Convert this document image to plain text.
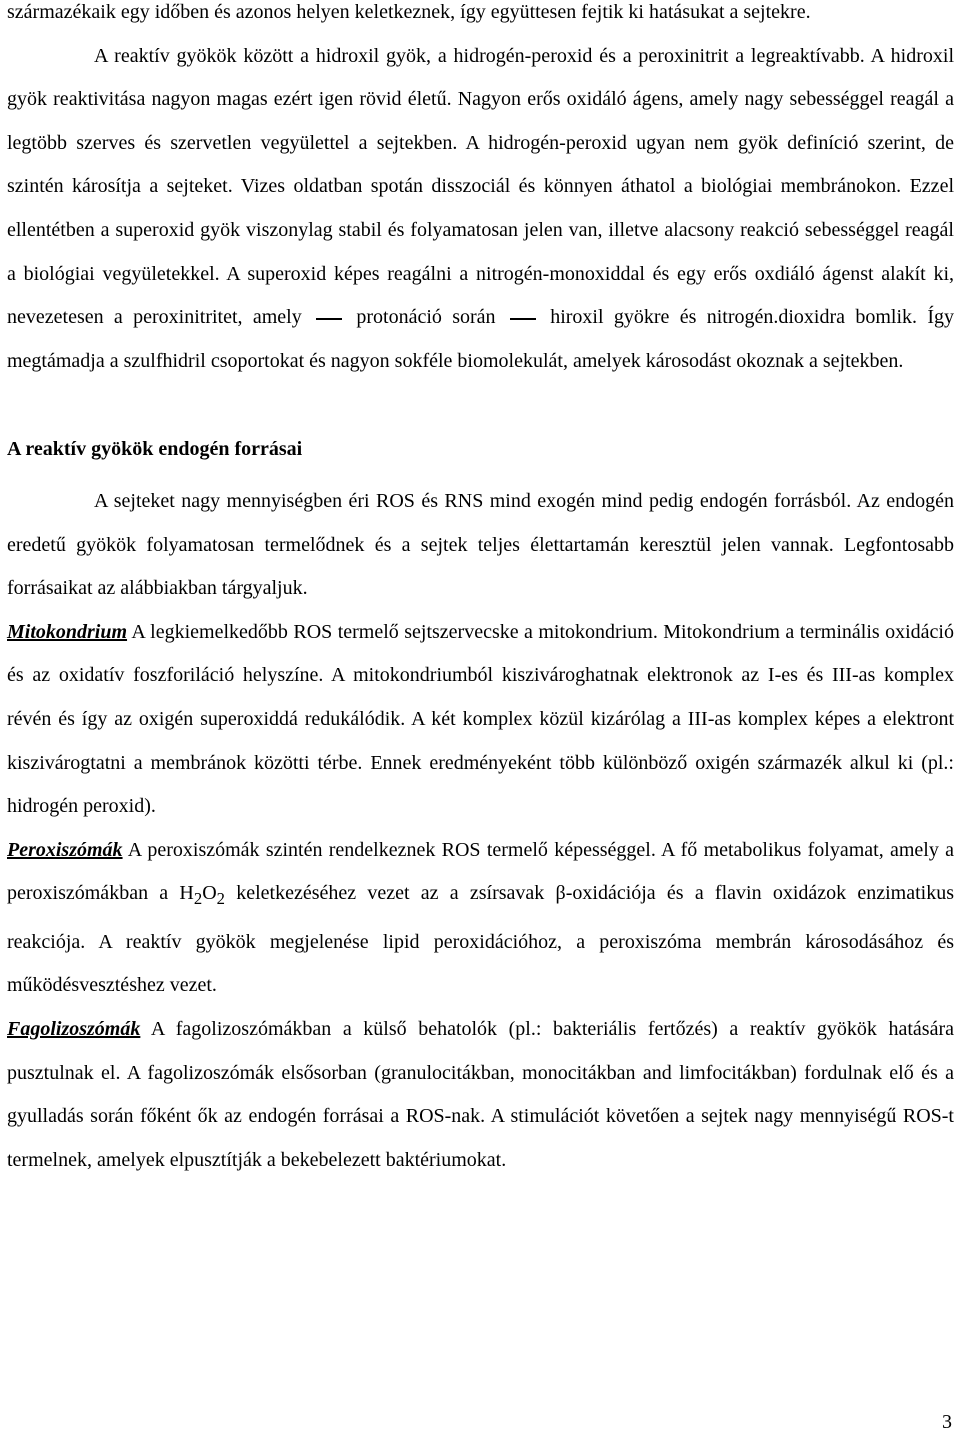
származékaik egy időben és azonos helyen keletkeznek, így együttesen fejtik ki hatásukat a sejtekre.

A reaktív gyökök között a hidroxil gyök, a hidrogén-peroxid és a peroxinitrit a legreaktívabb. A hidroxil gyök reaktivitása nagyon magas ezért igen rövid életű. Nagyon erős oxidáló ágens, amely nagy sebességgel reagál a legtöbb szerves és szervetlen vegyülettel a sejtekben. A hidrogén-peroxid ugyan nem gyök definíció szerint, de szintén károsítja a sejteket. Vizes oldatban spotán disszociál és könnyen áthatol a biológiai membránokon. Ezzel ellentétben a superoxid gyök viszonylag stabil és folyamatosan jelen van, illetve alacsony reakció sebességgel reagál a biológiai vegyületekkel. A superoxid képes reagálni a nitrogén-monoxiddal és egy erős oxdiáló ágenst alakít ki, nevezetesen a peroxinitritet, amely	protonáció során	hiroxil gyökre és nitrogén.dioxidra bomlik. Így megtámadja a szulfhidril csoportokat és nagyon sokféle biomolekulát, amelyek károsodást okoznak a sejtekben.

A reaktív gyökök endogén forrásai

A sejteket nagy mennyiségben éri ROS és RNS mind exogén mind pedig endogén forrásból. Az endogén eredetű gyökök folyamatosan termelődnek és a sejtek teljes élettartamán keresztül jelen vannak. Legfontosabb forrásaikat az alábbiakban tárgyaljuk.

Mitokondrium A legkiemelkedőbb ROS termelő sejtszervecske a mitokondrium. Mitokondrium a terminális oxidáció és az oxidatív foszforiláció helyszíne. A mitokondriumból kiszivároghatnak elektronok az I-es és III-as komplex révén és így az oxigén superoxiddá redukálódik. A két komplex közül kizárólag a III-as komplex képes a elektront kiszivárogtatni a membránok közötti térbe. Ennek eredményeként több különböző oxigén származék alkul ki (pl.: hidrogén peroxid).

Peroxiszómák A peroxiszómák szintén rendelkeznek ROS termelő képességgel. A fő metabolikus folyamat, amely a peroxiszómákban a $H_2O_2$ keletkezéséhez vezet az a zsírsavak β-oxidációja és a flavin oxidázok enzimatikus reakciója. A reaktív gyökök megjelenése lipid peroxidációhoz, a peroxiszóma membrán károsodásához és működésvesztéshez vezet.

Fagolizoszómák A fagolizoszómákban a külső behatolók (pl.: bakteriális fertőzés) a reaktív gyökök hatására pusztulnak el. A fagolizoszómák elsősorban (granulocitákban, monocitákban and limfocitákban) fordulnak elő és a gyulladás során főként ők az endogén forrásai a ROS-nak. A stimulációt követően a sejtek nagy mennyiségű ROS-t termelnek, amelyek elpusztítják a bekebelezett baktériumokat.

3
